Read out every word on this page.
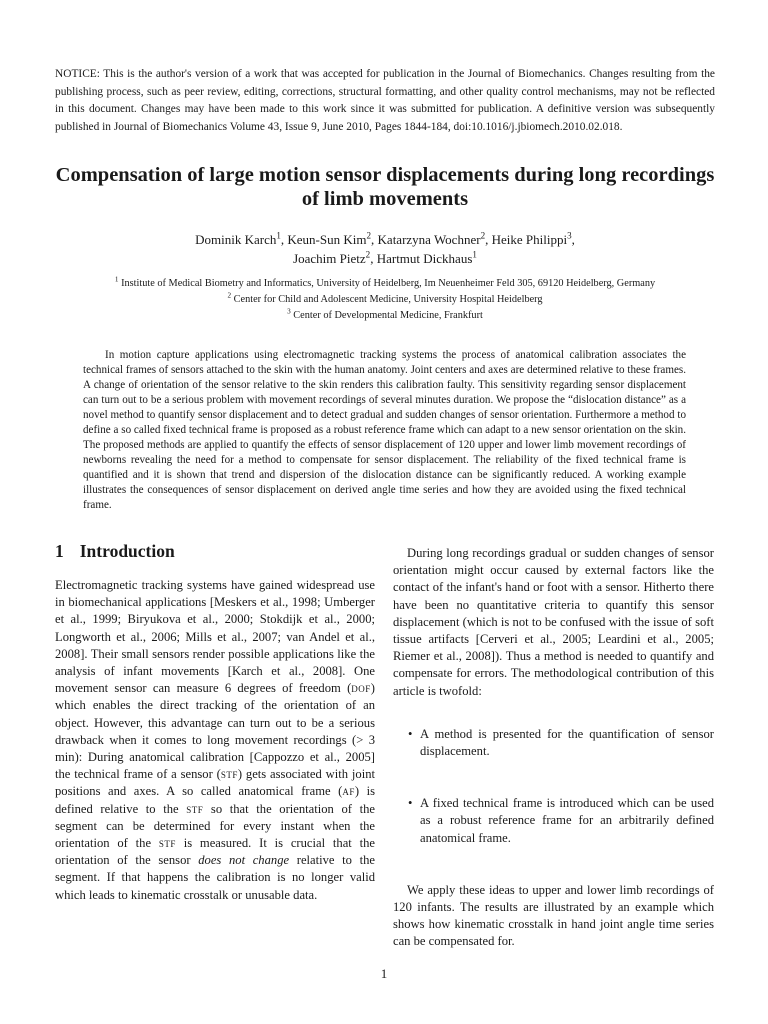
NOTICE: This is the author's version of a work that was accepted for publication in the Journal of Biomechanics. Changes resulting from the publishing process, such as peer review, editing, corrections, structural formatting, and other quality control mechanisms, may not be reflected in this document. Changes may have been made to this work since it was submitted for publication. A definitive version was subsequently published in Journal of Biomechanics Volume 43, Issue 9, June 2010, Pages 1844-184, doi:10.1016/j.jbiomech.2010.02.018.
Compensation of large motion sensor displacements during long recordings of limb movements
Dominik Karch$^1$, Keun-Sun Kim$^2$, Katarzyna Wochner$^2$, Heike Philippi$^3$,
Joachim Pietz$^2$, Hartmut Dickhaus$^1$
$^1$ Institute of Medical Biometry and Informatics, University of Heidelberg, Im Neuenheimer Feld 305, 69120 Heidelberg, Germany
$^2$ Center for Child and Adolescent Medicine, University Hospital Heidelberg
$^3$ Center of Developmental Medicine, Frankfurt

In motion capture applications using electromagnetic tracking systems the process of anatomical calibration associates the technical frames of sensors attached to the skin with the human anatomy. Joint centers and axes are determined relative to these frames. A change of orientation of the sensor relative to the skin renders this calibration faulty. This sensitivity regarding sensor displacement can turn out to be a serious problem with movement recordings of several minutes duration. We propose the “dislocation distance” as a novel method to quantify sensor displacement and to detect gradual and sudden changes of sensor orientation. Furthermore a method to define a so called fixed technical frame is proposed as a robust reference frame which can adapt to a new sensor orientation on the skin. The proposed methods are applied to quantify the effects of sensor displacement of 120 upper and lower limb movement recordings of newborns revealing the need for a method to compensate for sensor displacement. The reliability of the fixed technical frame is quantified and it is shown that trend and dispersion of the dislocation distance can be significantly reduced. A working example illustrates the consequences of sensor displacement on derived angle time series and how they are avoided using the fixed technical frame.

1 Introduction

Electromagnetic tracking systems have gained widespread use in biomechanical applications [Meskers et al., 1998; Umberger et al., 1999; Biryukova et al., 2000; Stokdijk et al., 2000; Longworth et al., 2006; Mills et al., 2007; van Andel et al., 2008]. Their small sensors render possible applications like the analysis of infant movements [Karch et al., 2008]. One movement sensor can measure 6 degrees of freedom (dof) which enables the direct tracking of the orientation of an object. However, this advantage can turn out to be a serious drawback when it comes to long movement recordings (> 3 min): During anatomical calibration [Cappozzo et al., 2005] the technical frame of a sensor (stf) gets associated with joint positions and axes. A so called anatomical frame (af) is defined relative to the stf so that the orientation of the segment can be determined for every instant when the orientation of the stf is measured. It is crucial that the orientation of the sensor does not change relative to the segment. If that happens the calibration is no longer valid which leads to kinematic crosstalk or unusable data.

During long recordings gradual or sudden changes of sensor orientation might occur caused by external factors like the contact of the infant's hand or foot with a sensor. Hitherto there have been no quantitative criteria to quantify this sensor displacement (which is not to be confused with the issue of soft tissue artifacts [Cerveri et al., 2005; Leardini et al., 2005; Riemer et al., 2008]). Thus a method is needed to quantify and compensate for errors. The methodological contribution of this article is twofold:

• A method is presented for the quantification of sensor displacement.
• A fixed technical frame is introduced which can be used as a robust reference frame for an arbitrarily defined anatomical frame.

We apply these ideas to upper and lower limb recordings of 120 infants. The results are illustrated by an example which shows how kinematic crosstalk in hand joint angle time series can be compensated for.

1
